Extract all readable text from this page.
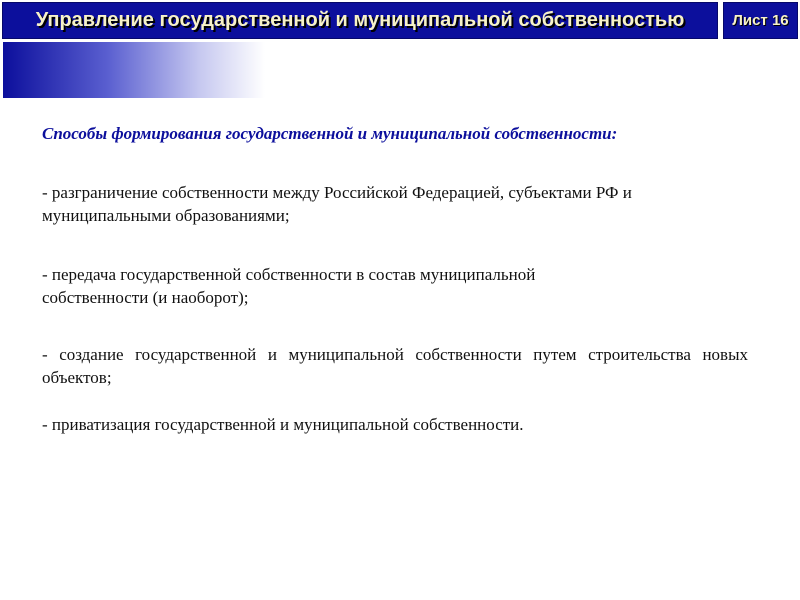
Управление государственной и муниципальной собственностью	Лист 16
Способы формирования государственной и муниципальной собственности:
- разграничение собственности между Российской Федерацией, субъектами РФ и муниципальными образованиями;
- передача государственной собственности в состав муниципальной собственности (и наоборот);
- создание государственной и муниципальной собственности путем строительства новых объектов;
- приватизация государственной и муниципальной собственности.
